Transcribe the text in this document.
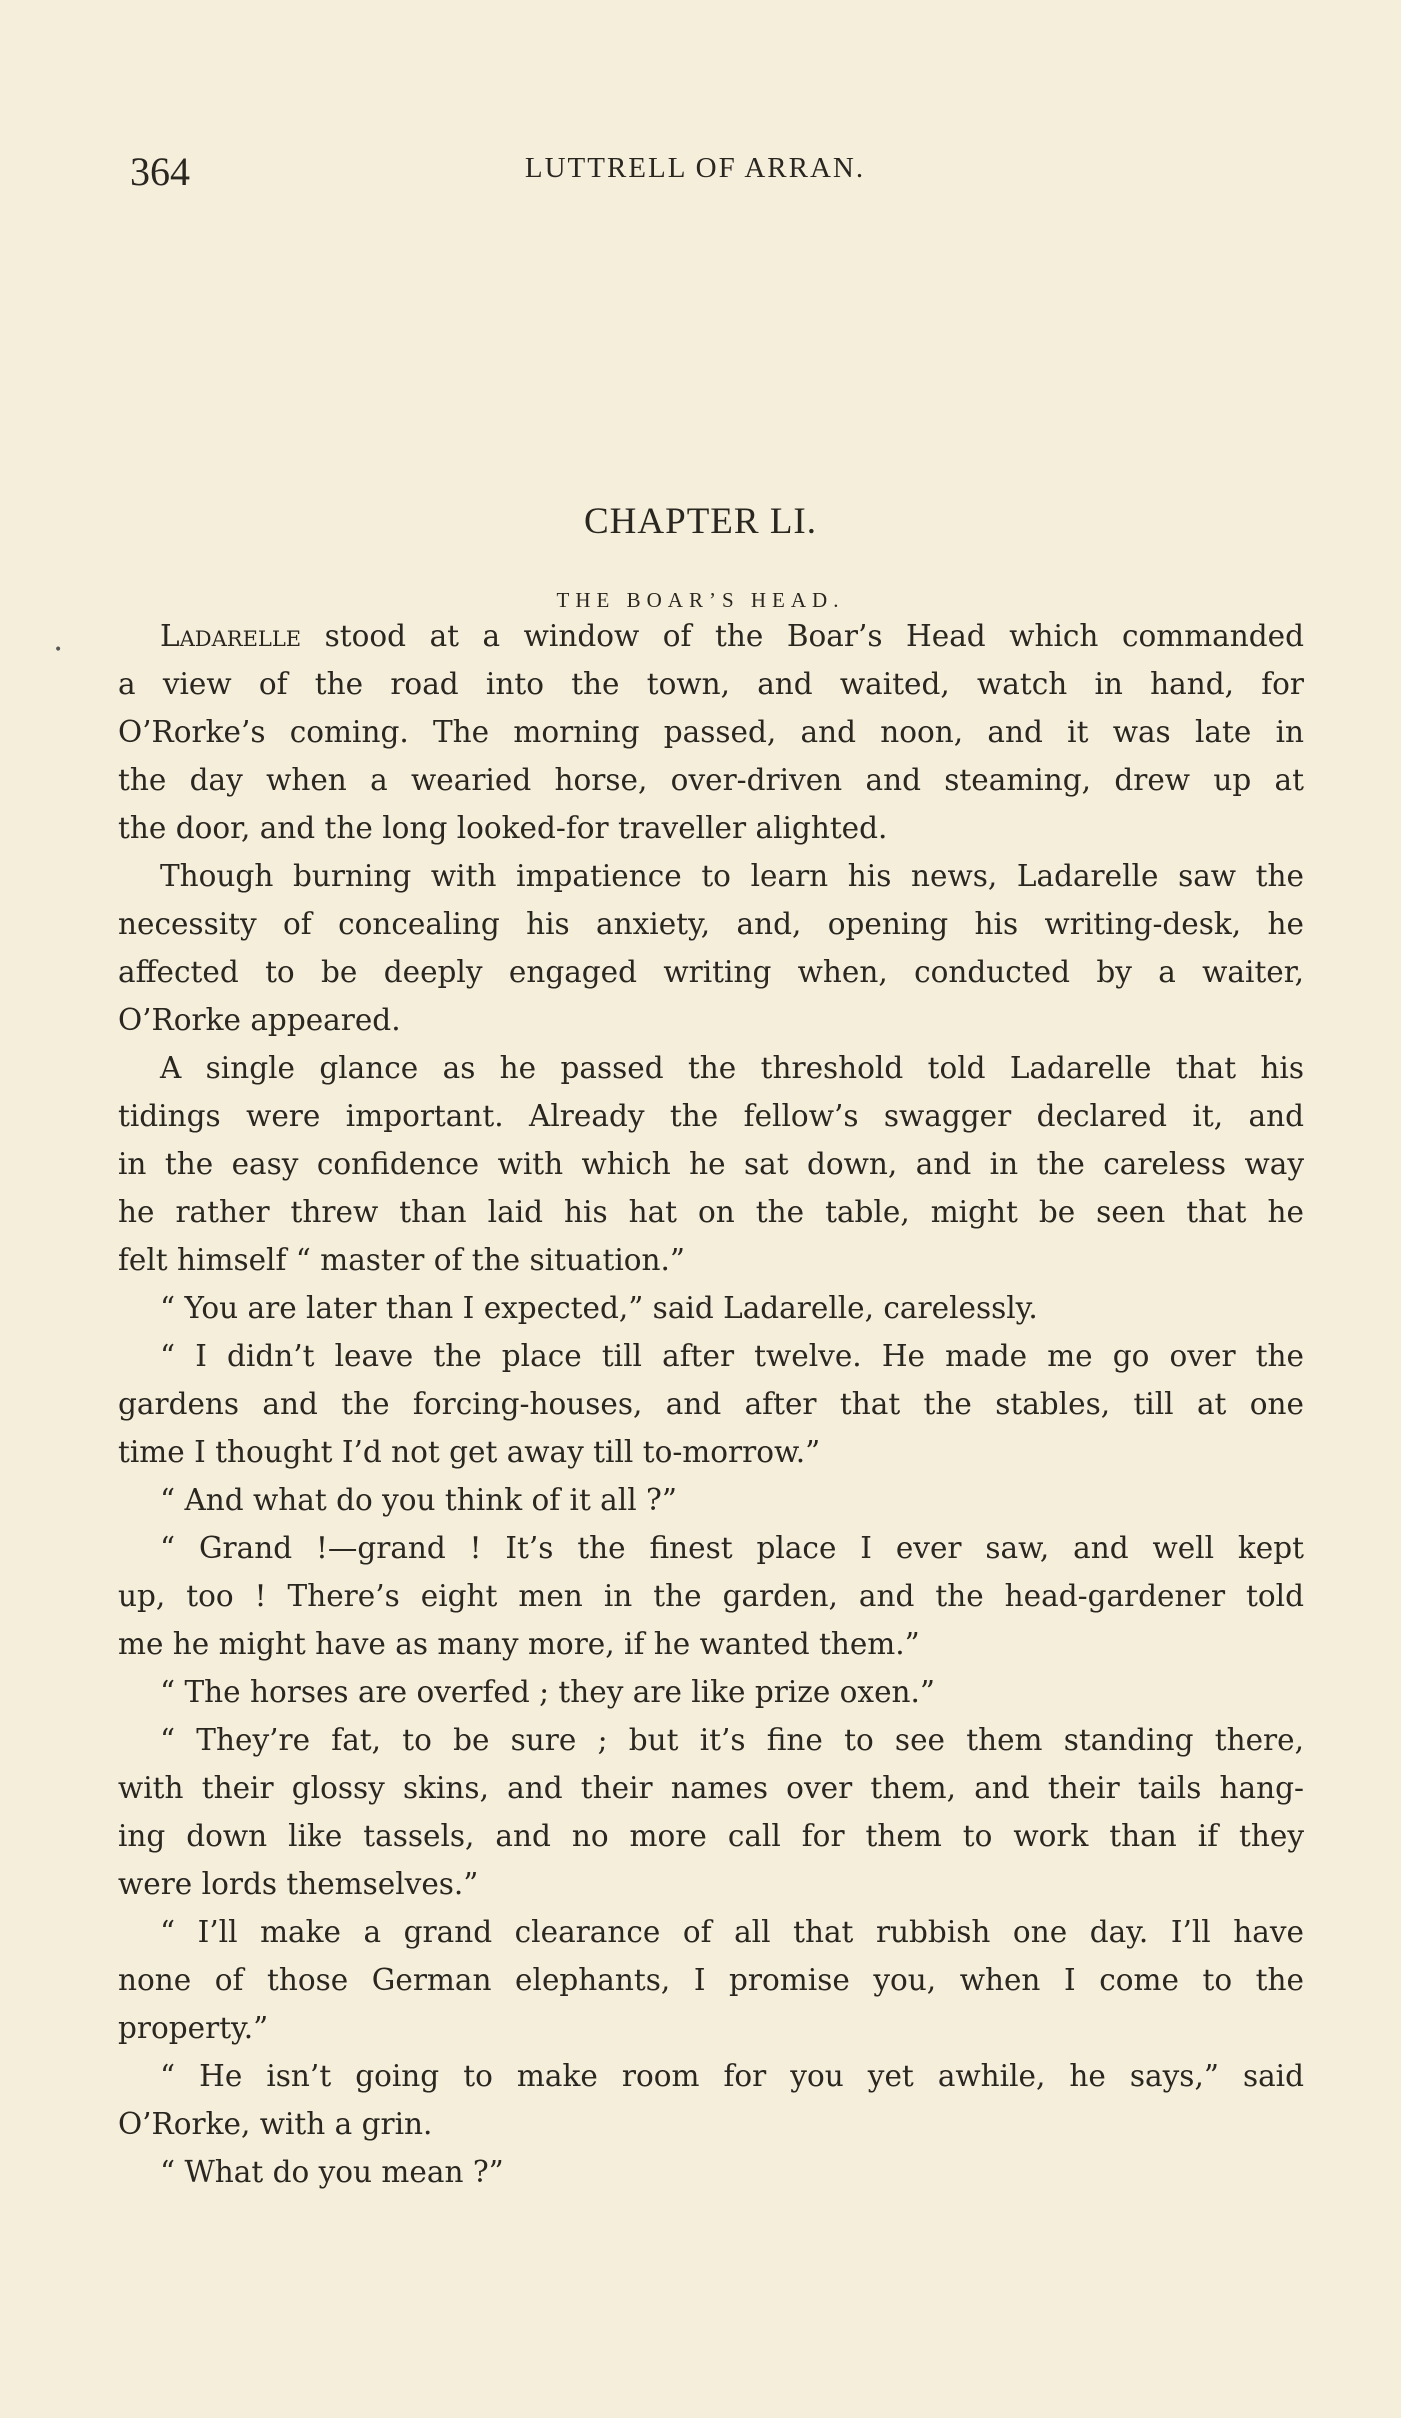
364	LUTTRELL OF ARRAN.
CHAPTER LI.
THE BOAR’S HEAD.
•	Ladarelle stood at a window of the Boar’s Head which commanded
a view of the road into the town, and waited, watch in hand, for
O’Rorke’s coming. The morning passed, and noon, and it was late in
the day when a wearied horse, over-driven and steaming, drew up at
the door, and the long looked-for traveller alighted.

Though burning with impatience to learn his news, Ladarelle saw the
necessity of concealing his anxiety, and, opening his writing-desk, he
affected to be deeply engaged writing when, conducted by a waiter,
O’Rorke appeared.

A single glance as he passed the threshold told Ladarelle that his
tidings were important. Already the fellow’s swagger declared it, and
in the easy confidence with which he sat down, and in the careless way
he rather threw than laid his hat on the table, might be seen that he
felt himself “ master of the situation.”

“ You are later than I expected,” said Ladarelle, carelessly.

“ I didn’t leave the place till after twelve. He made me go over the
gardens and the forcing-houses, and after that the stables, till at one
time I thought I’d not get away till to-morrow.”

“ And what do you think of it all ?”

“ Grand !—grand ! It’s the finest place I ever saw, and well kept
up, too ! There’s eight men in the garden, and the head-gardener told
me he might have as many more, if he wanted them.”

“ The horses are overfed ; they are like prize oxen.”

“ They’re fat, to be sure ; but it’s fine to see them standing there,
with their glossy skins, and their names over them, and their tails hang-
ing down like tassels, and no more call for them to work than if they
were lords themselves.”

“ I’ll make a grand clearance of all that rubbish one day. I’ll have
none of those German elephants, I promise you, when I come to the
property.”

“ He isn’t going to make room for you yet awhile, he says,” said
O’Rorke, with a grin.

“ What do you mean ?”
